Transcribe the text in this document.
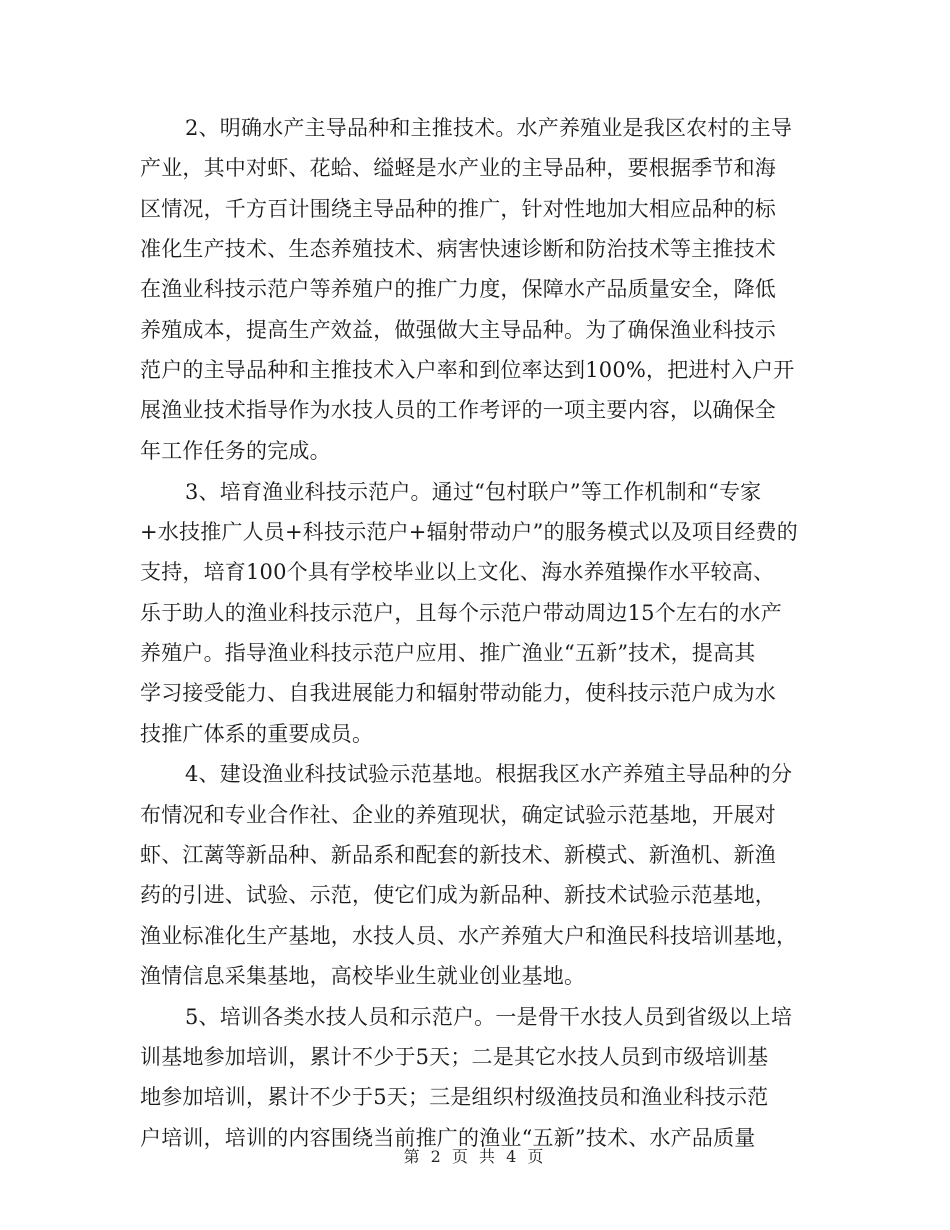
2、明确水产主导品种和主推技术。水产养殖业是我区农村的主导
产业，其中对虾、花蛤、缢蛏是水产业的主导品种，要根据季节和海
区情况，千方百计围绕主导品种的推广，针对性地加大相应品种的标
准化生产技术、生态养殖技术、病害快速诊断和防治技术等主推技术
在渔业科技示范户等养殖户的推广力度，保障水产品质量安全，降低
养殖成本，提高生产效益，做强做大主导品种。为了确保渔业科技示
范户的主导品种和主推技术入户率和到位率达到100%，把进村入户开
展渔业技术指导作为水技人员的工作考评的一项主要内容，以确保全
年工作任务的完成。
3、培育渔业科技示范户。通过“包村联户”等工作机制和“专家
+水技推广人员+科技示范户+辐射带动户”的服务模式以及项目经费的
支持，培育100个具有学校毕业以上文化、海水养殖操作水平较高、
乐于助人的渔业科技示范户，且每个示范户带动周边15个左右的水产
养殖户。指导渔业科技示范户应用、推广渔业“五新”技术，提高其
学习接受能力、自我进展能力和辐射带动能力，使科技示范户成为水
技推广体系的重要成员。
4、建设渔业科技试验示范基地。根据我区水产养殖主导品种的分
布情况和专业合作社、企业的养殖现状，确定试验示范基地，开展对
虾、江蓠等新品种、新品系和配套的新技术、新模式、新渔机、新渔
药的引进、试验、示范，使它们成为新品种、新技术试验示范基地，
渔业标准化生产基地，水技人员、水产养殖大户和渔民科技培训基地，
渔情信息采集基地，高校毕业生就业创业基地。
5、培训各类水技人员和示范户。一是骨干水技人员到省级以上培
训基地参加培训，累计不少于5天；二是其它水技人员到市级培训基
地参加培训，累计不少于5天；三是组织村级渔技员和渔业科技示范
户培训，培训的内容围绕当前推广的渔业“五新”技术、水产品质量
第 2 页 共 4 页
